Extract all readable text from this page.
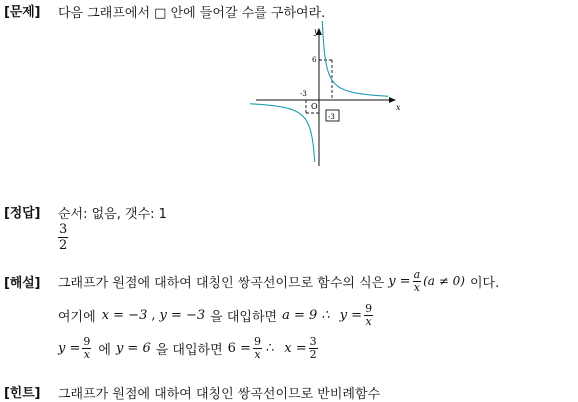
[문제] 다음 그래프에서 □ 안에 들어갈 수를 구하여라.
y
x
O
6
-3
-3
[정답] 순서: 없음, 갯수: 1
$\frac{3}{2}$
[해설] 그래프가 원점에 대하여 대칭인 쌍곡선이므로 함수의 식은 $y = \frac{a}{x} (a \ne 0)$ 이다.
여기에 x = −3 , y = −3 을 대입하면 a = 9 ∴ $y = \frac{9}{x}$
$y = \frac{9}{x}$ 에 y = 6 을 대입하면 $6 = \frac{9}{x}$ ∴ $x = \frac{3}{2}$
[힌트] 그래프가 원점에 대하여 대칭인 쌍곡선이므로 반비례함수
